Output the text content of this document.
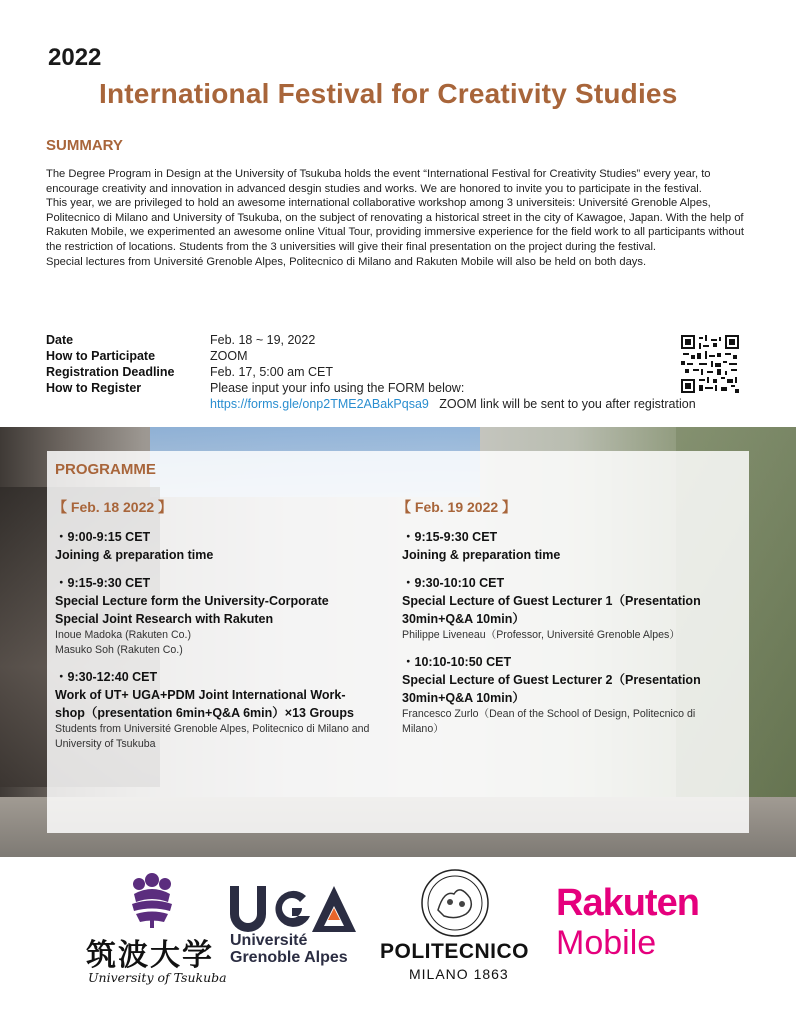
2022
International Festival for Creativity Studies
SUMMARY

The Degree Program in Design at the University of Tsukuba holds the event “International Festival for Creativity Studies” every year, to encourage creativity and innovation in advanced desgin studies and works. We are honored to invite you to participate in the festival.

This year, we are privileged to hold an awesome international collaborative workshop among 3 universiteis: Université Grenoble Alpes, Politecnico di Milano and University of Tsukuba, on the subject of renovating a historical street in the city of Kawagoe, Japan. With the help of Rakuten Mobile, we experimented an awesome online Vitual Tour, providing immersive experience for the field work to all participants without the restriction of locations. Students from the 3 universities will give their final presentation on the project during the festival.

Special lectures from Université Grenoble Alpes, Politecnico di Milano and Rakuten Mobile will also be held on both days.

Date	Feb. 18 ~ 19, 2022
How to Participate	ZOOM
Registration Deadline	Feb. 17, 5:00 am CET
How to Register	Please input your info using the FORM below:
https://forms.gle/onp2TME2ABakPqsa9 ZOOM link will be sent to you after registration
PROGRAMME
【 Feb. 18 2022 】
・9:00-9:15 CET
Joining & preparation time
・9:15-9:30 CET
Special Lecture form the University-Corporate Special Joint Research with Rakuten
Inoue Madoka (Rakuten Co.)
Masuko Soh (Rakuten Co.)
・9:30-12:40 CET
Work of UT+ UGA+PDM Joint International Work-shop（presentation 6min+Q&A 6min）×13 Groups
Students from Université Grenoble Alpes, Politecnico di Milano and University of Tsukuba
【 Feb. 19 2022 】
・9:15-9:30 CET
Joining & preparation time
・9:30-10:10 CET
Special Lecture of Guest Lecturer 1（Presentation 30min+Q&A 10min）
Philippe Liveneau（Professor, Université Grenoble Alpes）
・10:10-10:50 CET
Special Lecture of Guest Lecturer 2（Presentation 30min+Q&A 10min）
Francesco Zurlo（Dean of the School of Design, Politecnico di Milano）
筑波大学
University of Tsukuba
Université
Grenoble Alpes POLITECNICO
MILANO 1863
Rakuten
Mobile
